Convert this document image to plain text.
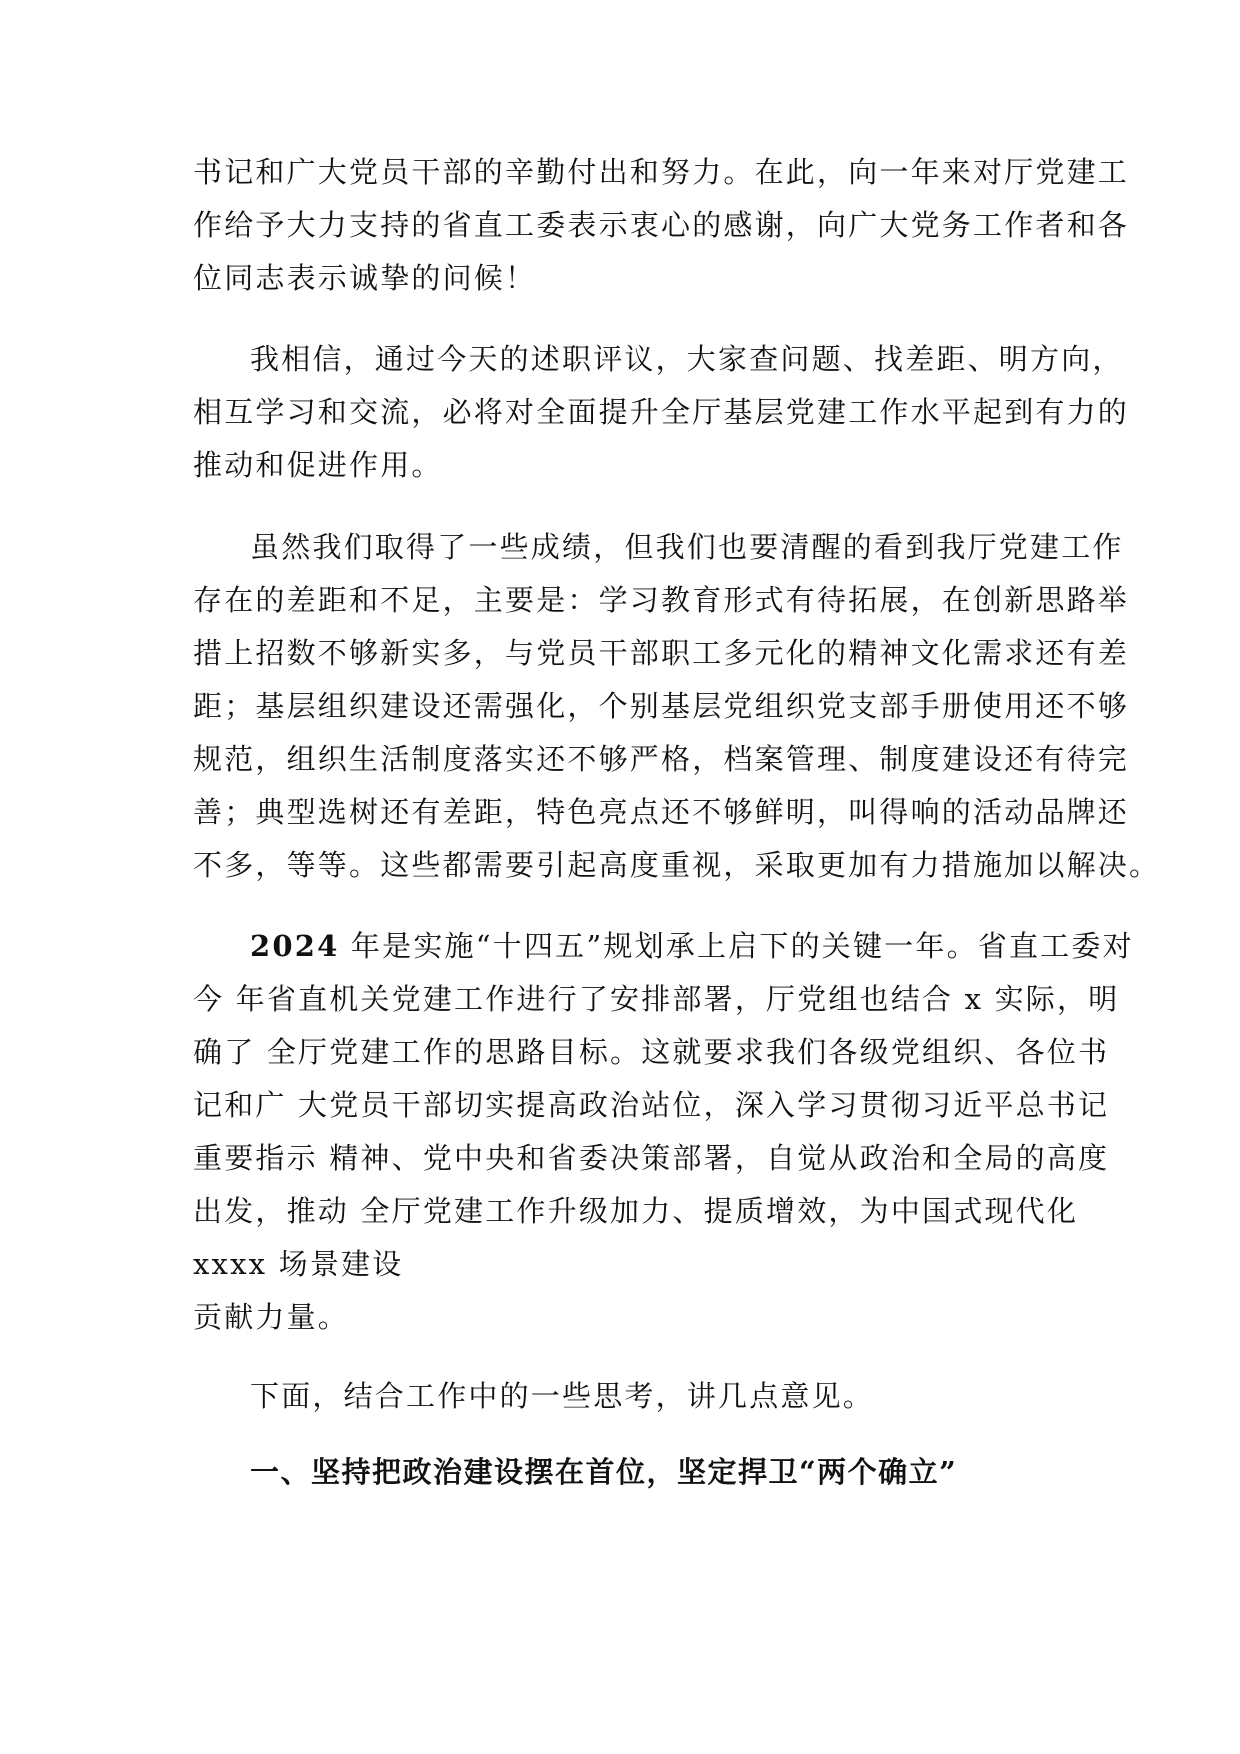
书记和广大党员干部的辛勤付出和努力。在此，向一年来对厅党建工
作给予大力支持的省直工委表示衷心的感谢，向广大党务工作者和各
位同志表示诚挚的问候！
我相信，通过今天的述职评议，大家查问题、找差距、明方向，
相互学习和交流，必将对全面提升全厅基层党建工作水平起到有力的
推动和促进作用。
虽然我们取得了一些成绩，但我们也要清醒的看到我厅党建工作
存在的差距和不足，主要是：学习教育形式有待拓展，在创新思路举
措上招数不够新实多，与党员干部职工多元化的精神文化需求还有差
距；基层组织建设还需强化，个别基层党组织党支部手册使用还不够
规范，组织生活制度落实还不够严格，档案管理、制度建设还有待完
善；典型选树还有差距，特色亮点还不够鲜明，叫得响的活动品牌还
不多，等等。这些都需要引起高度重视，采取更加有力措施加以解决。
2024 年是实施“十四五”规划承上启下的关键一年。省直工委对
今 年省直机关党建工作进行了安排部署，厅党组也结合 x 实际，明
确了 全厅党建工作的思路目标。这就要求我们各级党组织、各位书
记和广 大党员干部切实提高政治站位，深入学习贯彻习近平总书记
重要指示 精神、党中央和省委决策部署，自觉从政治和全局的高度
出发，推动 全厅党建工作升级加力、提质增效，为中国式现代化
xxxx 场景建设
贡献力量。
下面，结合工作中的一些思考，讲几点意见。
一、坚持把政治建设摆在首位，坚定捍卫“两个确立”
